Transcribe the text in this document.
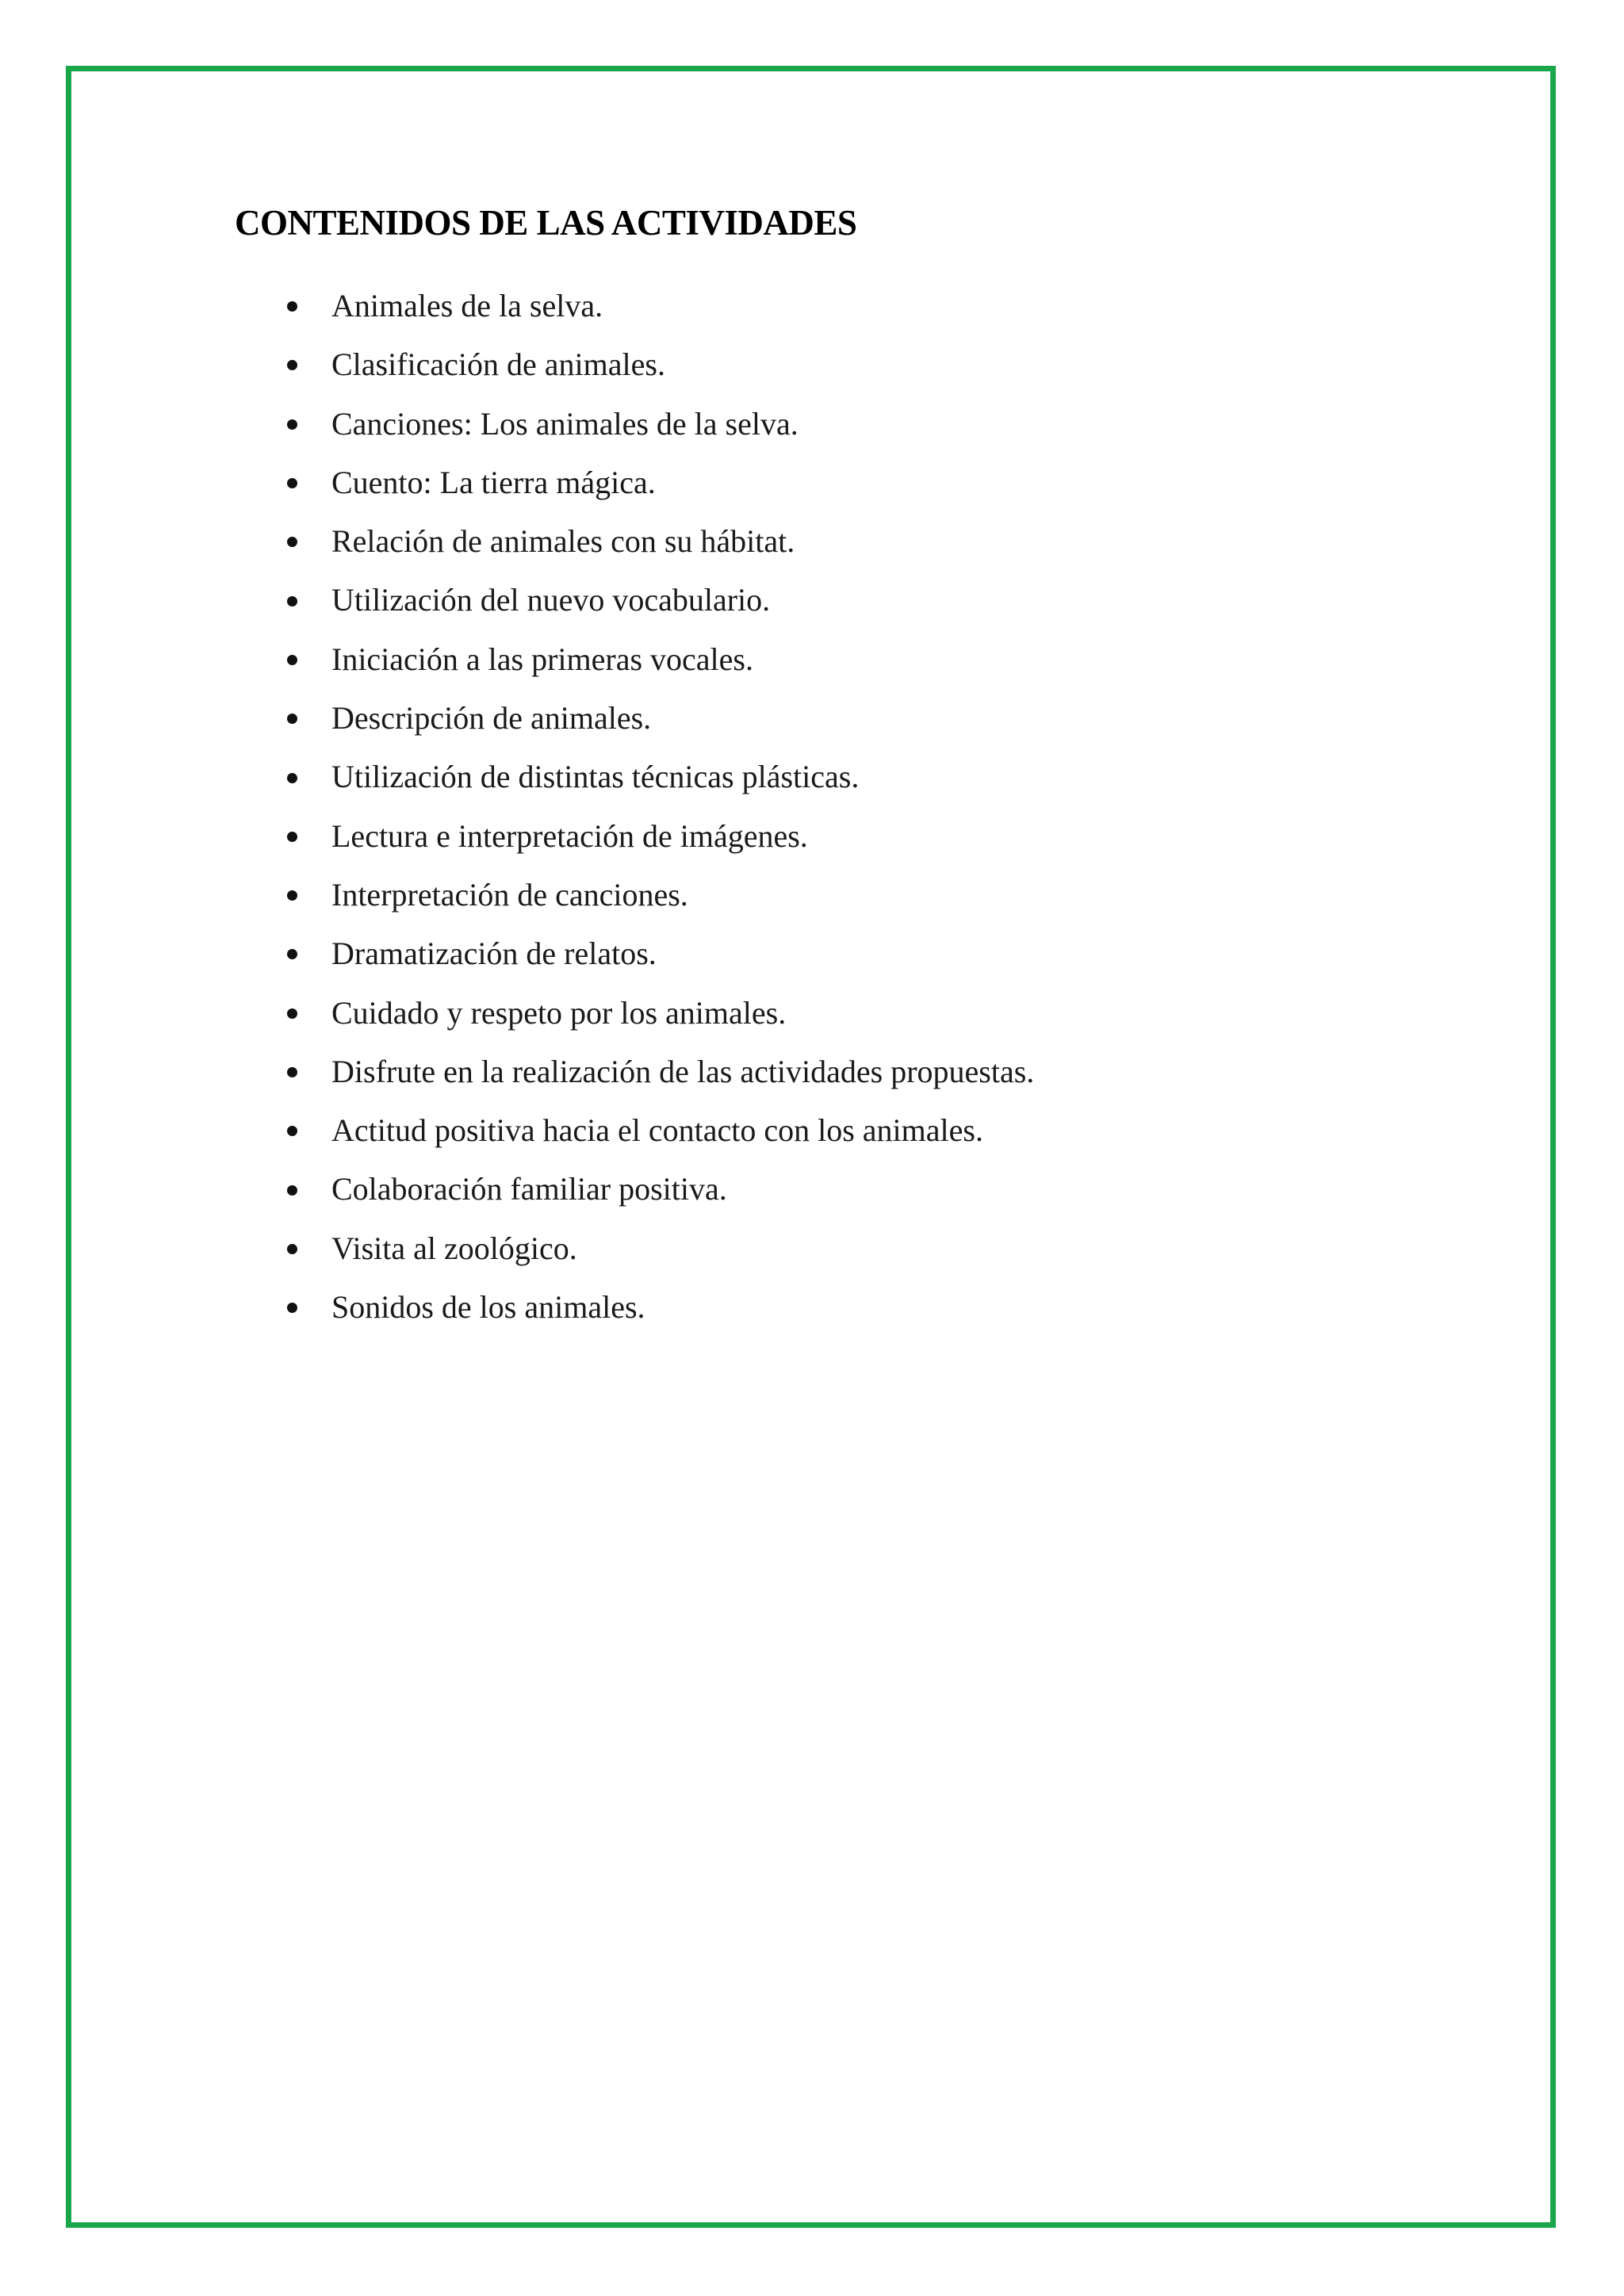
CONTENIDOS DE LAS ACTIVIDADES
Animales de la selva.
Clasificación de animales.
Canciones: Los animales de la selva.
Cuento: La tierra mágica.
Relación de animales con su hábitat.
Utilización del nuevo vocabulario.
Iniciación a las primeras vocales.
Descripción de animales.
Utilización de distintas técnicas plásticas.
Lectura e interpretación de imágenes.
Interpretación de canciones.
Dramatización de relatos.
Cuidado y respeto por los animales.
Disfrute en la realización de las actividades propuestas.
Actitud positiva hacia el contacto con los animales.
Colaboración familiar positiva.
Visita al zoológico.
Sonidos de los animales.
